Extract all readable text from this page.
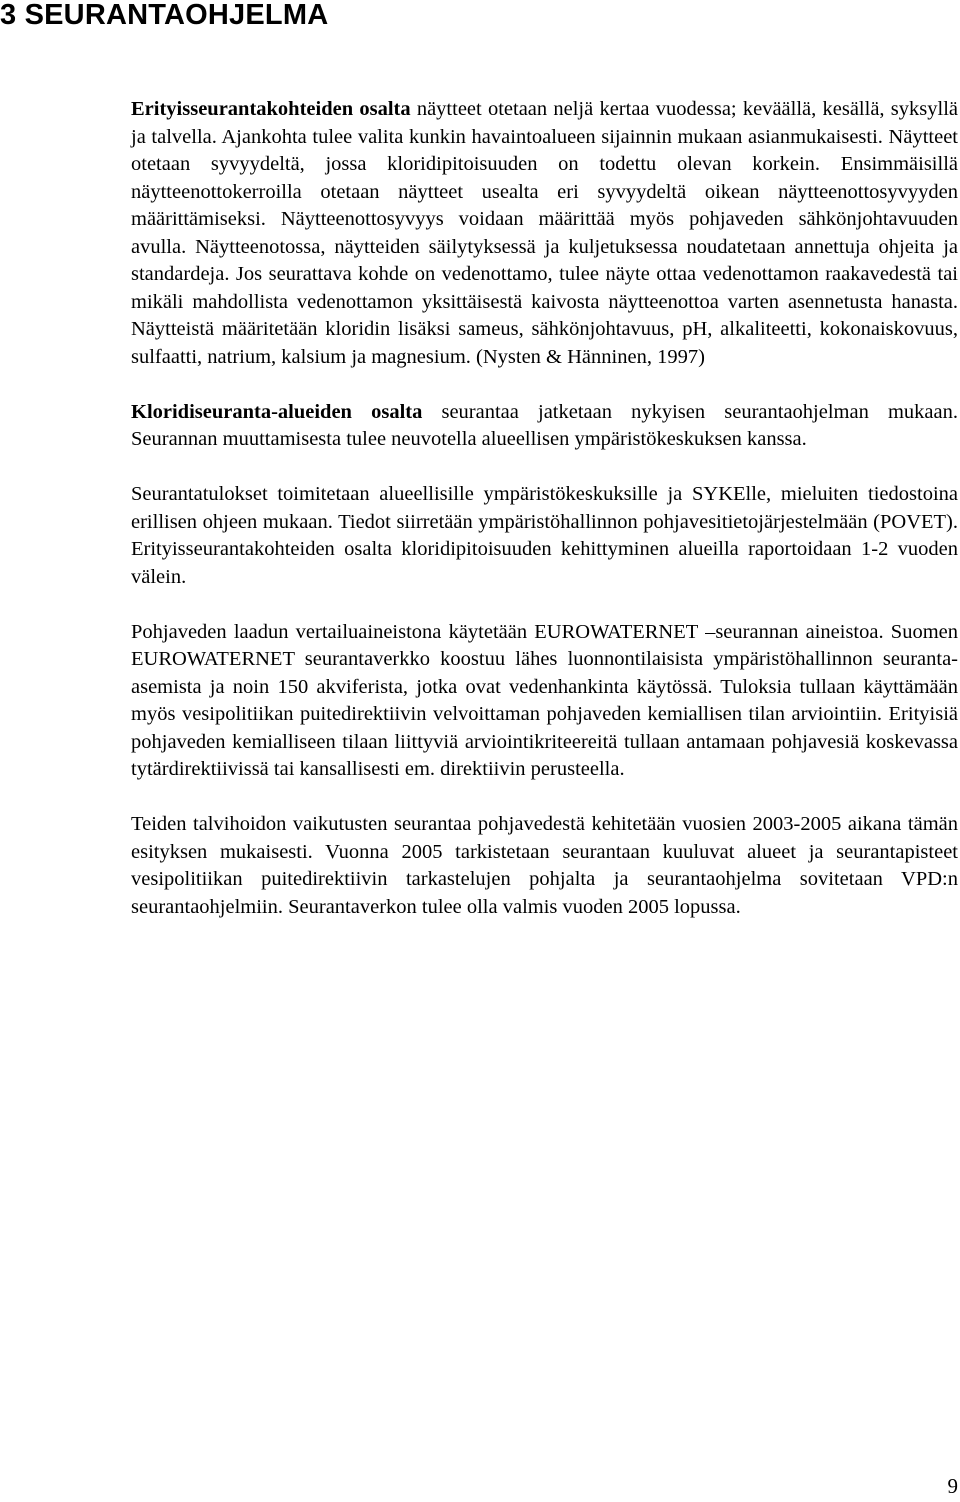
3 SEURANTAOHJELMA

Erityisseurantakohteiden osalta näytteet otetaan neljä kertaa vuodessa; keväällä, kesällä, syksyllä ja talvella. Ajankohta tulee valita kunkin havaintoalueen sijainnin mukaan asianmukaisesti. Näytteet otetaan syvyydeltä, jossa kloridipitoisuuden on todettu olevan korkein. Ensimmäisillä näytteenottokerroilla otetaan näytteet usealta eri syvyydeltä oikean näytteenottosyvyyden määrittämiseksi. Näytteenottosyvyys voidaan määrittää myös pohjaveden sähkönjohtavuuden avulla. Näytteenotossa, näytteiden säilytyksessä ja kuljetuksessa noudatetaan annettuja ohjeita ja standardeja. Jos seurattava kohde on vedenottamo, tulee näyte ottaa vedenottamon raakavedestä tai mikäli mahdollista vedenottamon yksittäisestä kaivosta näytteenottoa varten asennetusta hanasta. Näytteistä määritetään kloridin lisäksi sameus, sähkönjohtavuus, pH, alkaliteetti, kokonaiskovuus, sulfaatti, natrium, kalsium ja magnesium. (Nysten & Hänninen, 1997)

Kloridiseuranta-alueiden osalta seurantaa jatketaan nykyisen seurantaohjelman mukaan. Seurannan muuttamisesta tulee neuvotella alueellisen ympäristökeskuksen kanssa.

Seurantatulokset toimitetaan alueellisille ympäristökeskuksille ja SYKElle, mieluiten tiedostoina erillisen ohjeen mukaan. Tiedot siirretään ympäristöhallinnon pohjavesitietojärjestelmään (POVET). Erityisseurantakohteiden osalta kloridipitoisuuden kehittyminen alueilla raportoidaan 1-2 vuoden välein.

Pohjaveden laadun vertailuaineistona käytetään EUROWATERNET –seurannan aineistoa. Suomen EUROWATERNET seurantaverkko koostuu lähes luonnontilaisista ympäristöhallinnon seuranta-asemista ja noin 150 akviferista, jotka ovat vedenhankinta käytössä. Tuloksia tullaan käyttämään myös vesipolitiikan puitedirektiivin velvoittaman pohjaveden kemiallisen tilan arviointiin. Erityisiä pohjaveden kemialliseen tilaan liittyviä arviointikriteereitä tullaan antamaan pohjavesiä koskevassa tytärdirektiivissä tai kansallisesti em. direktiivin perusteella.

Teiden talvihoidon vaikutusten seurantaa pohjavedestä kehitetään vuosien 2003-2005 aikana tämän esityksen mukaisesti. Vuonna 2005 tarkistetaan seurantaan kuuluvat alueet ja seurantapisteet vesipolitiikan puitedirektiivin tarkastelujen pohjalta ja seurantaohjelma sovitetaan VPD:n seurantaohjelmiin. Seurantaverkon tulee olla valmis vuoden 2005 lopussa.

9
